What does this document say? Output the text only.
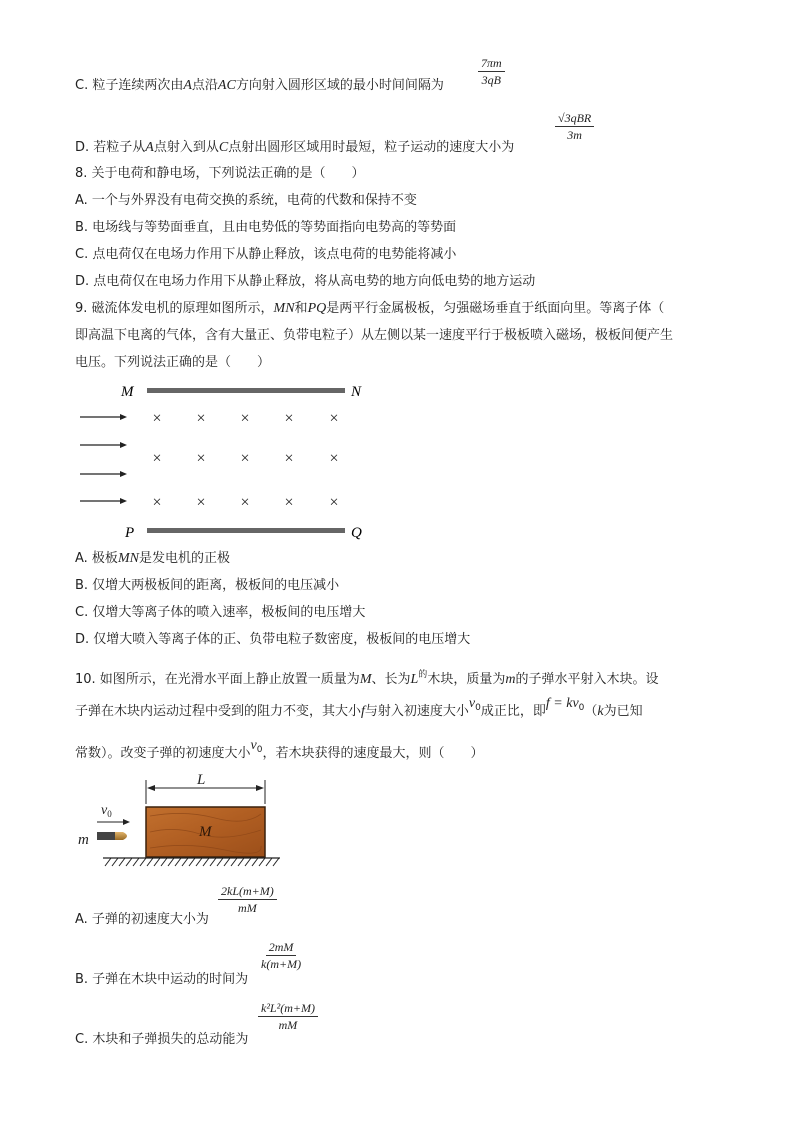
C. 粒子连续两次由A点沿AC方向射入圆形区域的最小时间间隔为	$\frac{7\pi m}{3qB}$
D. 若粒子从A点射入到从C点射出圆形区域用时最短，粒子运动的速度大小为
√3qBR
3m
8. 关于电荷和静电场，下列说法正确的是（　　）
A. 一个与外界没有电荷交换的系统，电荷的代数和保持不变
B. 电场线与等势面垂直，且由电势低的等势面指向电势高的等势面
C. 点电荷仅在电场力作用下从静止释放，该点电荷的电势能将减小
D. 点电荷仅在电场力作用下从静止释放，将从高电势的地方向低电势的地方运动
9. 磁流体发电机的原理如图所示，MN和PQ是两平行金属极板，匀强磁场垂直于纸面向里。等离子体（
即高温下电离的气体，含有大量正、负带电粒子）从左侧以某一速度平行于极板喷入磁场，极板间便产生
电压。下列说法正确的是（　　）
M	N
× × × × ×
× × × × ×
× × × × ×
P	Q
A. 极板MN是发电机的正极
B. 仅增大两极板间的距离，极板间的电压减小
C. 仅增大等离子体的喷入速率，极板间的电压增大
D. 仅增大喷入等离子体的正、负带电粒子数密度，极板间的电压增大
10. 如图所示，在光滑水平面上静止放置一质量为M、长为$L^的$木块，质量为m的子弹水平射入木块。设
子弹在木块内运动过程中受到的阻力不变，其大小f与射入初速度大小$v_0$成正比，即$f = kv_0(k$为已知
常数）。改变子弹的初速度大小$v_0$，若木块获得的速度最大，则（　　）
L
M
$v_0$
m
A. 子弹的初速度大小为
$\frac{2kL(m+M)}{mM}$
B. 子弹在木块中运动的时间为
$\frac{2mM}{k(m+M)}$
C. 木块和子弹损失的总动能为
$\frac{\text{k²L²(m+M)}}{mM}$
